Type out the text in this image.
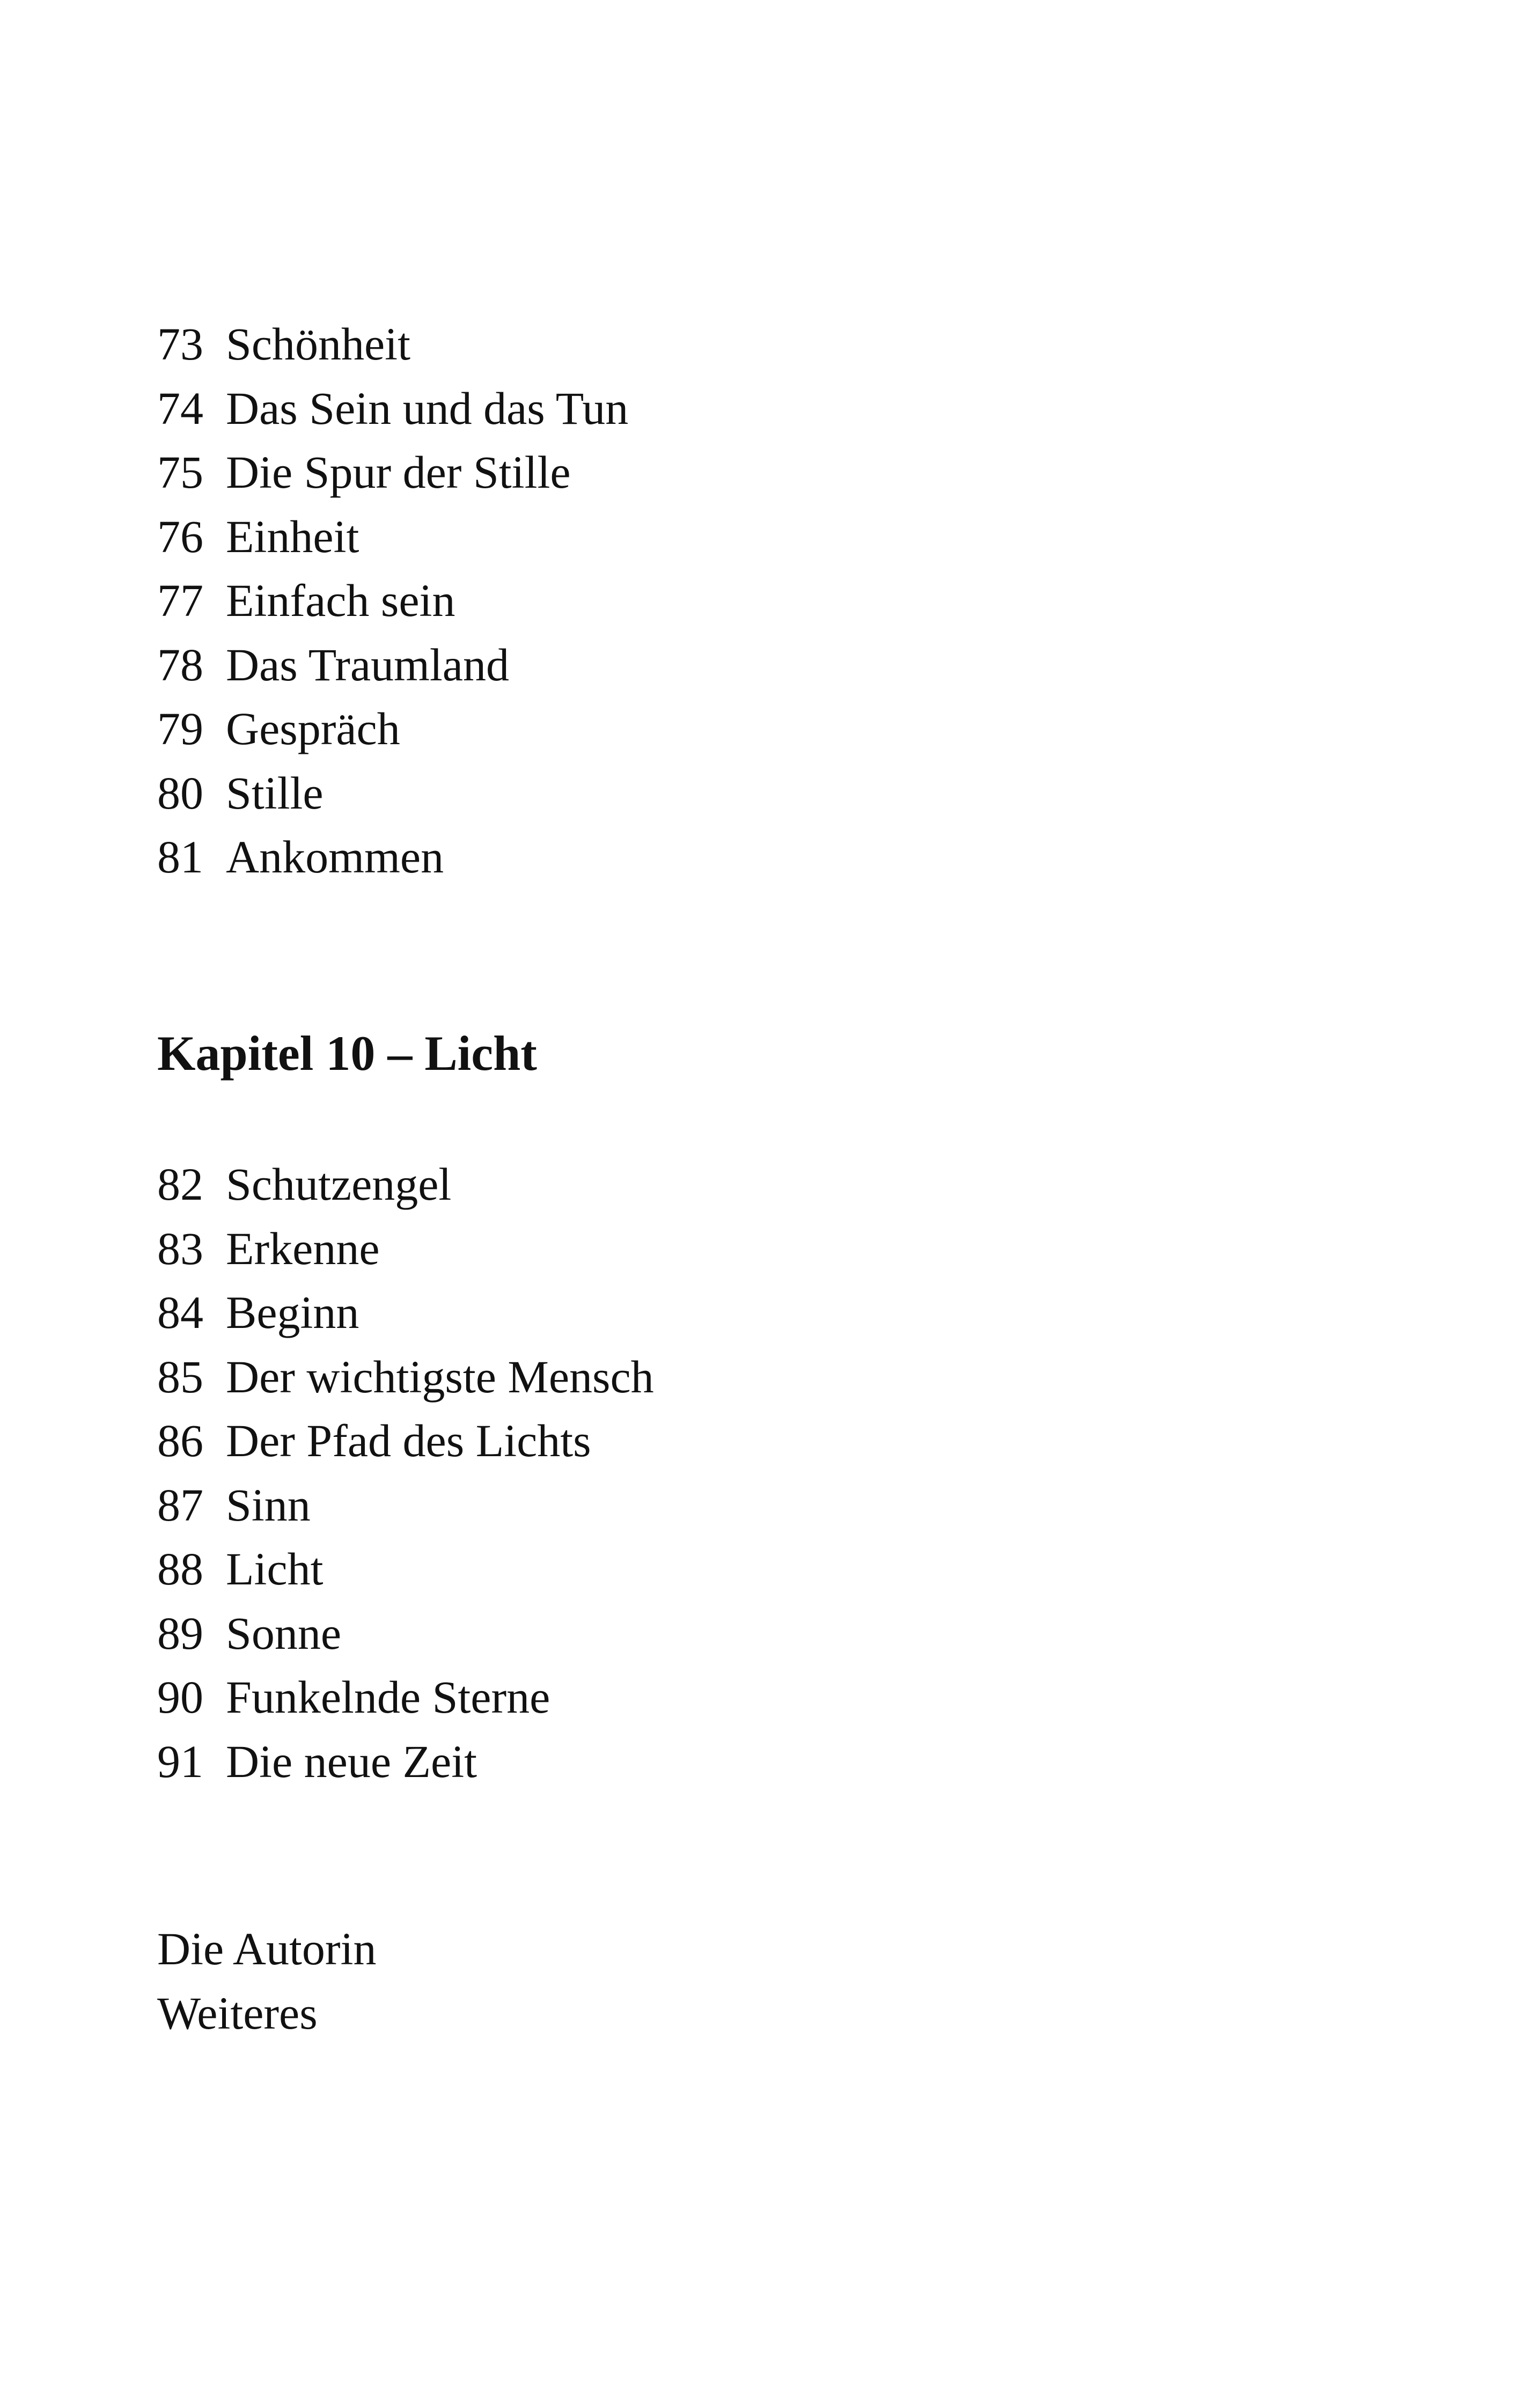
73 Schönheit
74 Das Sein und das Tun
75 Die Spur der Stille
76 Einheit
77 Einfach sein
78 Das Traumland
79 Gespräch
80 Stille
81 Ankommen
Kapitel 10 – Licht
82 Schutzengel
83 Erkenne
84 Beginn
85 Der wichtigste Mensch
86 Der Pfad des Lichts
87 Sinn
88 Licht
89 Sonne
90 Funkelnde Sterne
91 Die neue Zeit
Die Autorin
Weiteres
